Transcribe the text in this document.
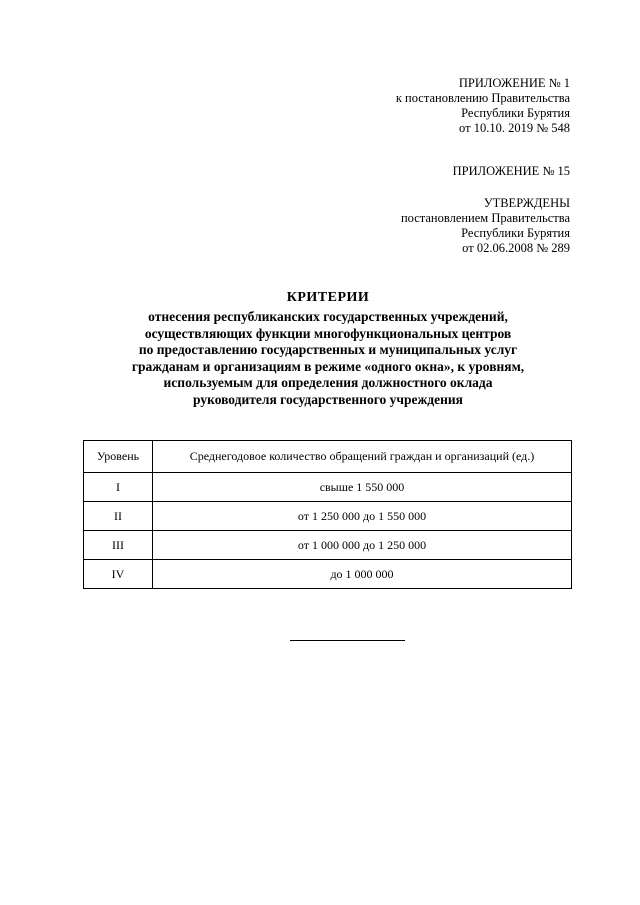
ПРИЛОЖЕНИЕ № 1
к постановлению Правительства
Республики Бурятия
от 10.10. 2019 № 548
ПРИЛОЖЕНИЕ № 15
УТВЕРЖДЕНЫ
постановлением Правительства
Республики Бурятия
от 02.06.2008 № 289
КРИТЕРИИ
отнесения республиканских государственных учреждений,
осуществляющих функции многофункциональных центров
по предоставлению государственных и муниципальных услуг
гражданам и организациям в режиме «одного окна», к уровням,
используемым для определения должностного оклада
руководителя государственного учреждения
Уровень	Среднегодовое количество обращений граждан и организаций (ед.)
I	свыше 1 550 000
II	от 1 250 000 до 1 550 000
III	от 1 000 000 до 1 250 000
IV	до 1 000 000
